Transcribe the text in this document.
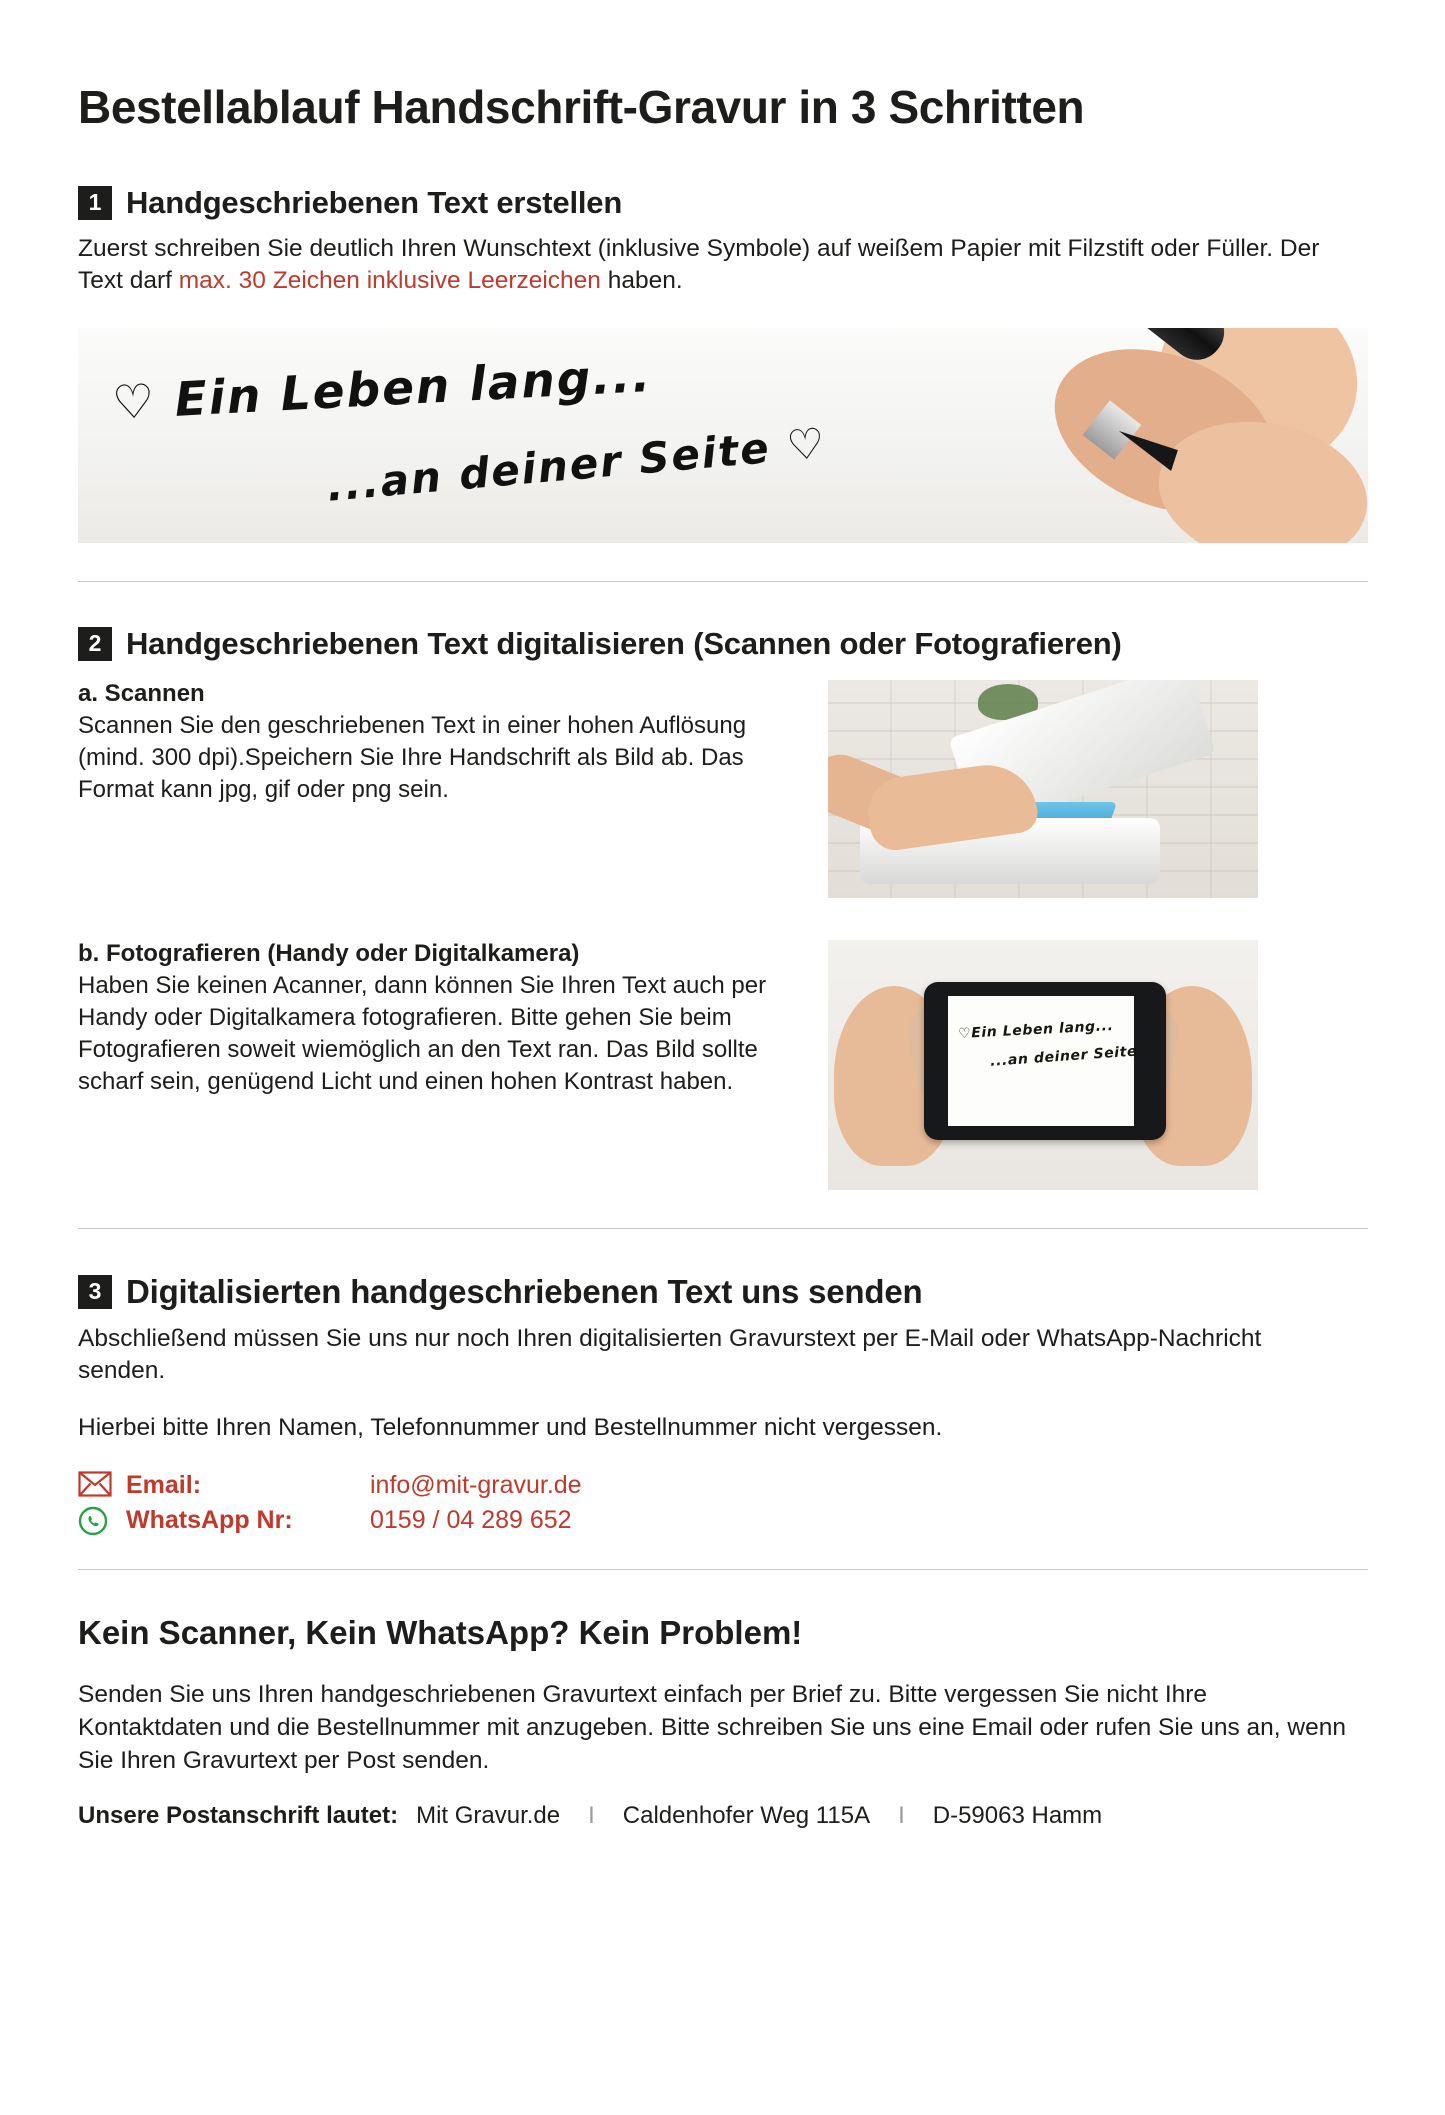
Bestellablauf Handschrift-Gravur in 3 Schritten
1 Handgeschriebenen Text erstellen

Zuerst schreiben Sie deutlich Ihren Wunschtext (inklusive Symbole) auf weißem Papier mit Filzstift oder Füller. Der Text darf max. 30 Zeichen inklusive Leerzeichen haben.

♡ Ein Leben lang...
...an deiner Seite ♡
2 Handgeschriebenen Text digitalisieren (Scannen oder Fotografieren)
a. Scannen

Scannen Sie den geschriebenen Text in einer hohen Auflösung (mind. 300 dpi).Speichern Sie Ihre Handschrift als Bild ab. Das Format kann jpg, gif oder png sein.

b. Fotografieren (Handy oder Digitalkamera)

Haben Sie keinen Acanner, dann können Sie Ihren Text auch per Handy oder Digitalkamera fotografieren. Bitte gehen Sie beim Fotografieren soweit wiemöglich an den Text ran. Das Bild sollte scharf sein, genügend Licht und einen hohen Kontrast haben.

♡Ein Leben lang...
...an deiner Seite ♡
3 Digitalisierten handgeschriebenen Text uns senden

Abschließend müssen Sie uns nur noch Ihren digitalisierten Gravurstext per E-Mail oder WhatsApp-Nachricht senden.

Hierbei bitte Ihren Namen, Telefonnummer und Bestellnummer nicht vergessen.

Email:	info@mit-gravur.de
WhatsApp Nr:	0159 / 04 289 652
Kein Scanner, Kein WhatsApp? Kein Problem!

Senden Sie uns Ihren handgeschriebenen Gravurtext einfach per Brief zu. Bitte vergessen Sie nicht Ihre Kontaktdaten und die Bestellnummer mit anzugeben. Bitte schreiben Sie uns eine Email oder rufen Sie uns an, wenn Sie Ihren Gravurtext per Post senden.

Unsere Postanschrift lautet: Mit Gravur.de	I	Caldenhofer Weg 115A	I	D-59063 Hamm
